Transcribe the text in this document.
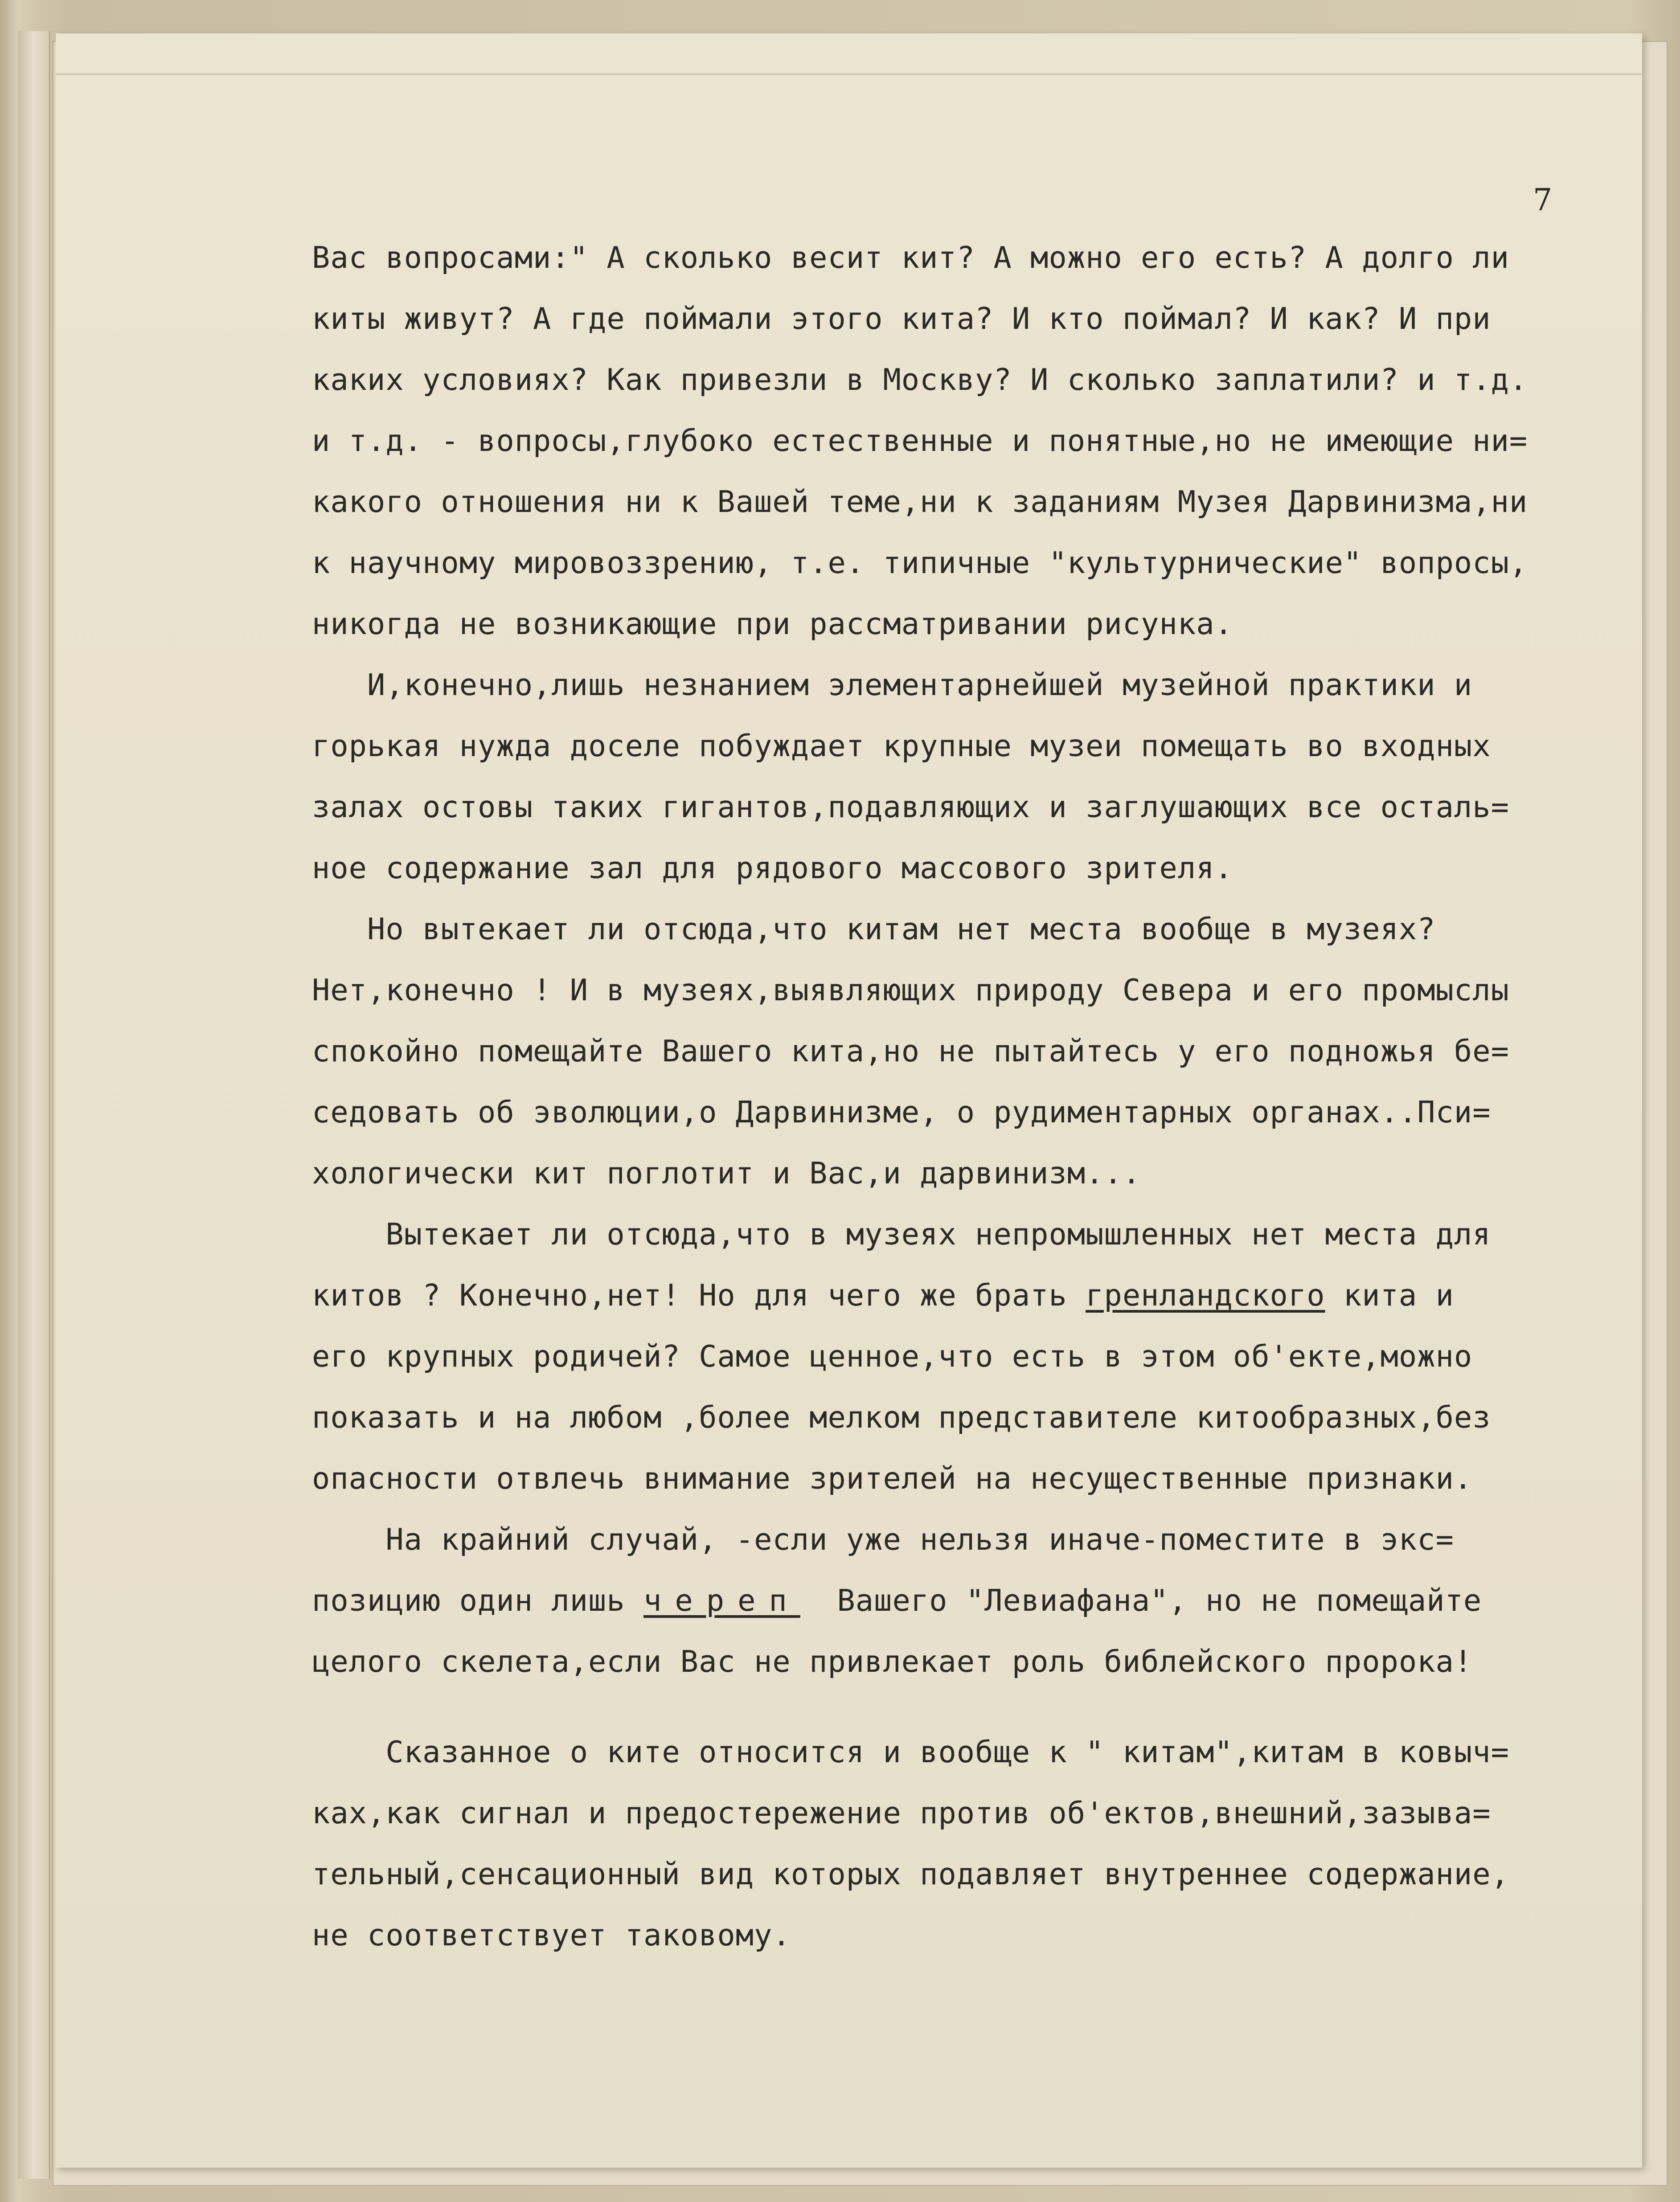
7
Вас вопросами:" А сколько весит кит? А можно его есть? А долго ли
киты живут? А где поймали этого кита? И кто поймал? И как? И при
каких условиях? Как привезли в Москву? И сколько заплатили? и т.д.
и т.д. - вопросы,глубоко естественные и понятные,но не имеющие ни=
какого отношения ни к Вашей теме,ни к заданиям Музея Дарвинизма,ни
к научному мировоззрению, т.е. типичные "культурнические" вопросы,
никогда не возникающие при рассматривании рисунка.
И,конечно,лишь незнанием элементарнейшей музейной практики и
горькая нужда доселе побуждает крупные музеи помещать во входных
залах остовы таких гигантов,подавляющих и заглушающих все осталь=
ное содержание зал для рядового массового зрителя.
Но вытекает ли отсюда,что китам нет места вообще в музеях?
Нет,конечно ! И в музеях,выявляющих природу Севера и его промыслы
спокойно помещайте Вашего кита,но не пытайтесь у его подножья бе=
седовать об эволюции,о Дарвинизме, о рудиментарных органах..Пси=
хологически кит поглотит и Вас,и дарвинизм...
Вытекает ли отсюда,что в музеях непромышленных нет места для
китов ? Конечно,нет! Но для чего же брать гренландского кита и
его крупных родичей? Самое ценное,что есть в этом об'екте,можно
показать и на любом ,более мелком представителе китообразных,без
опасности отвлечь внимание зрителей на несущественные признаки.
На крайний случай, -если уже нельзя иначе-поместите в экс=
позицию один лишь череп  Вашего "Левиафана", но не помещайте
целого скелета,если Вас не привлекает роль библейского пророка!
Сказанное о ките относится и вообще к " китам",китам в ковыч=
ках,как сигнал и предостережение против об'ектов,внешний,зазыва=
тельный,сенсационный вид которых подавляет внутреннее содержание,
не соответствует таковому.
